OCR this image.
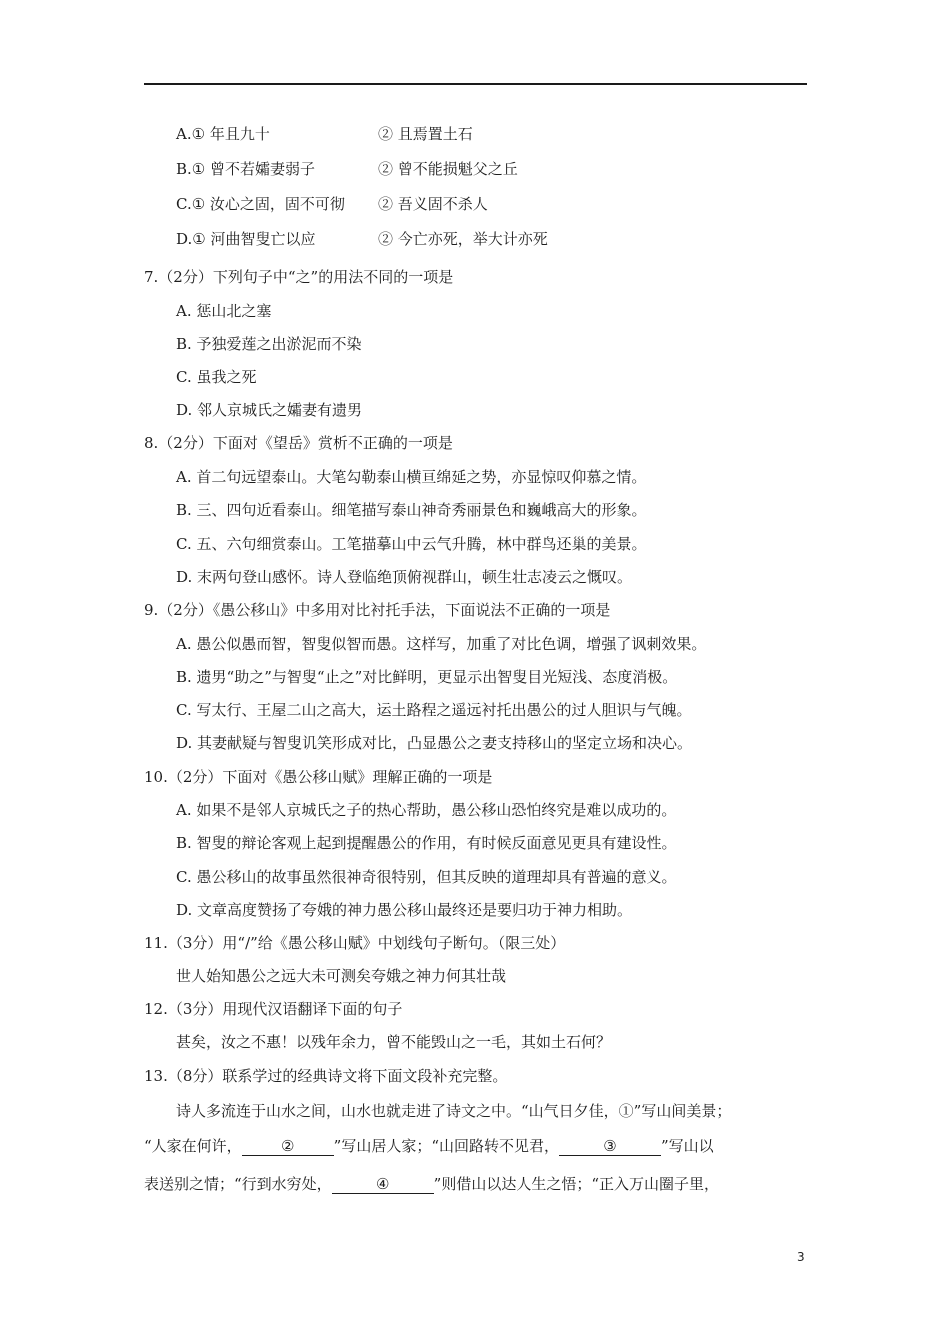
A.① 年且九十	② 且焉置土石
B.① 曾不若孀妻弱子	② 曾不能损魁父之丘
C.① 汝心之固，固不可彻 ② 吾义固不杀人
D.① 河曲智叟亡以应	② 今亡亦死，举大计亦死
7.（2分）下列句子中“之”的用法不同的一项是
A. 惩山北之塞
B. 予独爱莲之出淤泥而不染
C. 虽我之死
D. 邻人京城氏之孀妻有遗男
8.（2分）下面对《望岳》赏析不正确的一项是
A. 首二句远望泰山。大笔勾勒泰山横亘绵延之势，亦显惊叹仰慕之情。
B. 三、四句近看泰山。细笔描写泰山神奇秀丽景色和巍峨高大的形象。
C. 五、六句细赏泰山。工笔描摹山中云气升腾，林中群鸟还巢的美景。
D. 末两句登山感怀。诗人登临绝顶俯视群山，顿生壮志凌云之慨叹。
9.（2分）《愚公移山》中多用对比衬托手法，下面说法不正确的一项是
A. 愚公似愚而智，智叟似智而愚。这样写，加重了对比色调，增强了讽刺效果。
B. 遗男“助之”与智叟“止之”对比鲜明，更显示出智叟目光短浅、态度消极。
C. 写太行、王屋二山之高大，运土路程之遥远衬托出愚公的过人胆识与气魄。
D. 其妻献疑与智叟讥笑形成对比，凸显愚公之妻支持移山的坚定立场和决心。
10.（2分）下面对《愚公移山赋》理解正确的一项是
A. 如果不是邻人京城氏之子的热心帮助，愚公移山恐怕终究是难以成功的。
B. 智叟的辩论客观上起到提醒愚公的作用，有时候反面意见更具有建设性。
C. 愚公移山的故事虽然很神奇很特别，但其反映的道理却具有普遍的意义。
D. 文章高度赞扬了夸娥的神力愚公移山最终还是要归功于神力相助。
11.（3分）用“/”给《愚公移山赋》中划线句子断句。（限三处）
世人始知愚公之远大未可测矣夸娥之神力何其壮哉
12.（3分）用现代汉语翻译下面的句子
甚矣，汝之不惠！以残年余力，曾不能毁山之一毛，其如土石何？
13.（8分）联系学过的经典诗文将下面文段补充完整。
诗人多流连于山水之间，山水也就走进了诗文之中。“山气日夕佳，①”写山间美景；
“人家在何许，	②	”写山居人家；“山回路转不见君，	③	”写山以
表送别之情；“行到水穷处，	④	”则借山以达人生之悟；“正入万山圈子里，
3
